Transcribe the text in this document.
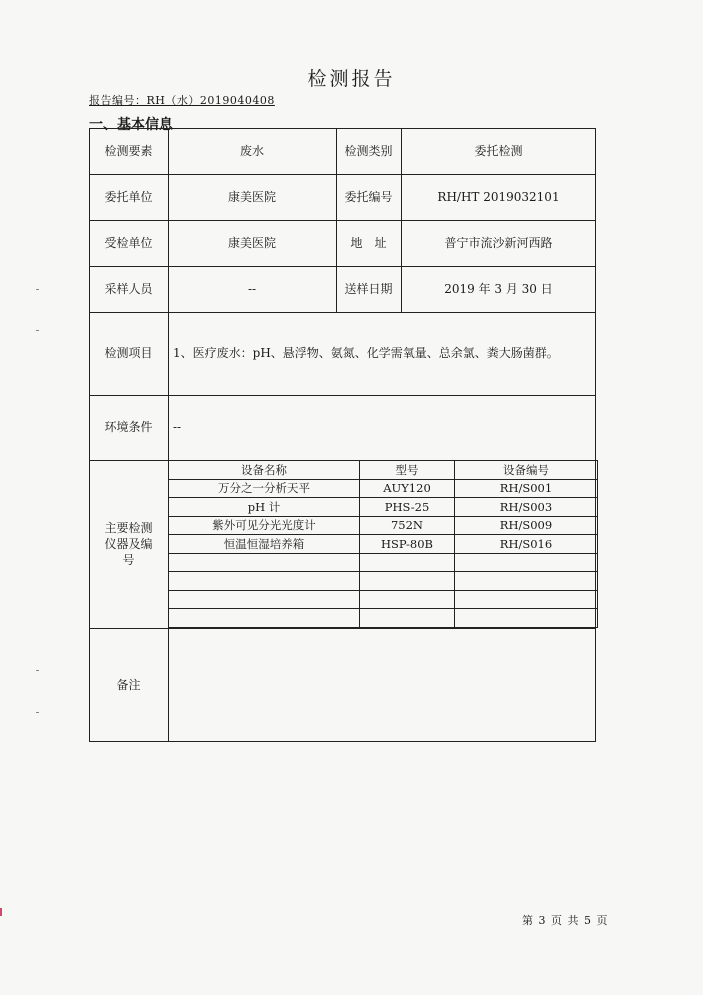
检测报告
报告编号：RH（水）2019040408
一、基本信息
检测要素	废水	检测类别	委托检测
委托单位	康美医院	委托编号	RH/HT 2019032101
受检单位	康美医院	地　址	普宁市流沙新河西路
采样人员	--	送样日期	2019 年 3 月 30 日
检测项目	1、医疗废水：pH、悬浮物、氨氮、化学需氧量、总余氯、粪大肠菌群。
环境条件	--
主要检测仪器及编号
设备名称	型号	设备编号
万分之一分析天平	AUY120	RH/S001
pH 计	PHS-25	RH/S003
紫外可见分光光度计	752N	RH/S009
恒温恒湿培养箱	HSP-80B	RH/S016

备注
第 3 页 共 5 页
